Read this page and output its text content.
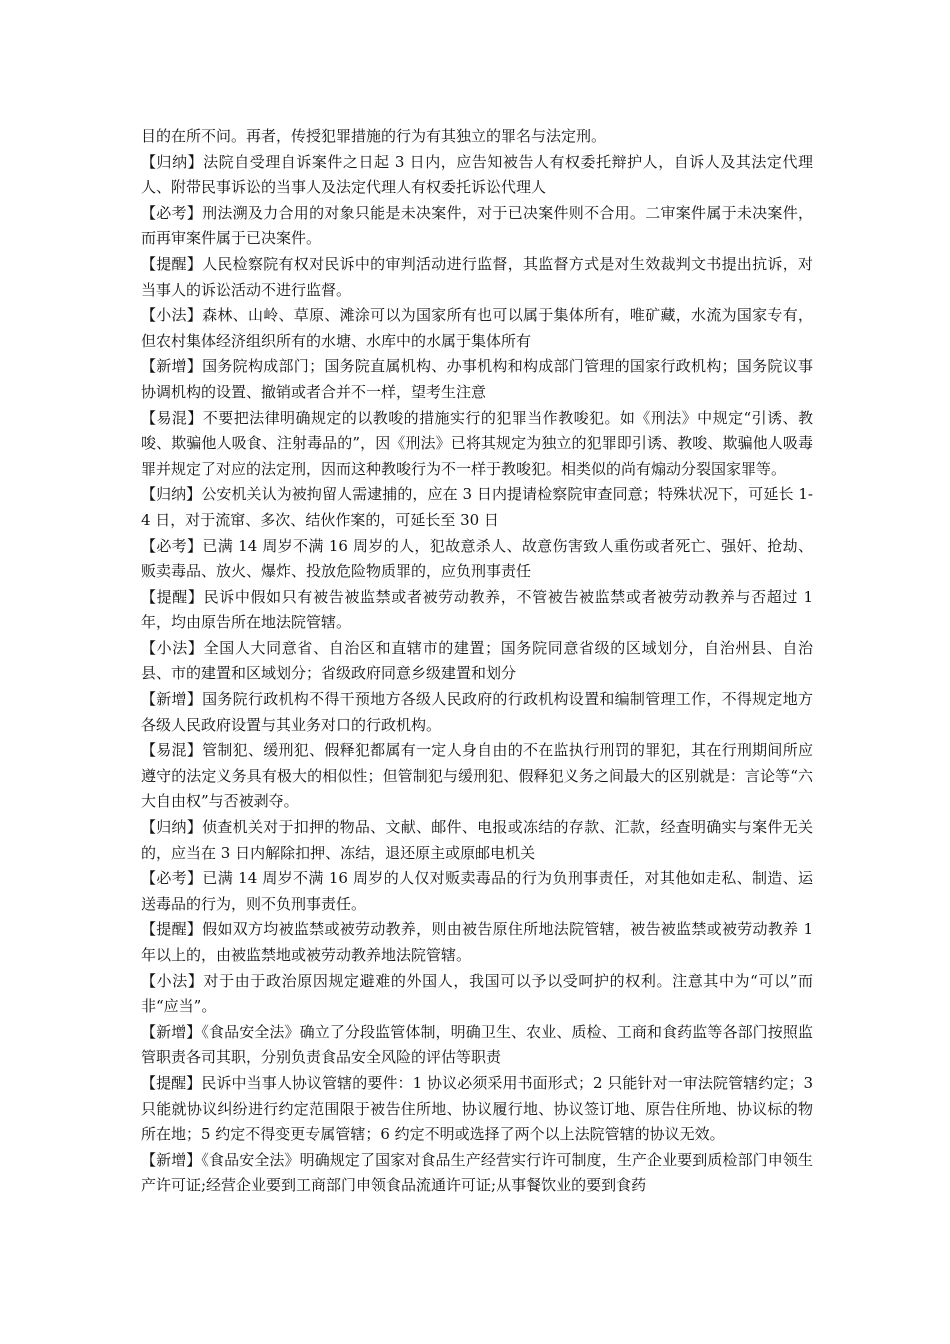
目的在所不问。再者，传授犯罪措施的行为有其独立的罪名与法定刑。

【归纳】法院自受理自诉案件之日起 3 日内，应告知被告人有权委托辩护人，自诉人及其法定代理人、附带民事诉讼的当事人及法定代理人有权委托诉讼代理人

【必考】刑法溯及力合用的对象只能是未决案件，对于已决案件则不合用。二审案件属于未决案件，而再审案件属于已决案件。

【提醒】人民检察院有权对民诉中的审判活动进行监督，其监督方式是对生效裁判文书提出抗诉，对当事人的诉讼活动不进行监督。

【小法】森林、山岭、草原、滩涂可以为国家所有也可以属于集体所有，唯矿藏，水流为国家专有，但农村集体经济组织所有的水塘、水库中的水属于集体所有

【新增】国务院构成部门；国务院直属机构、办事机构和构成部门管理的国家行政机构；国务院议事协调机构的设置、撤销或者合并不一样，望考生注意

【易混】不要把法律明确规定的以教唆的措施实行的犯罪当作教唆犯。如《刑法》中规定“引诱、教唆、欺骗他人吸食、注射毒品的”，因《刑法》已将其规定为独立的犯罪即引诱、教唆、欺骗他人吸毒罪并规定了对应的法定刑，因而这种教唆行为不一样于教唆犯。相类似的尚有煽动分裂国家罪等。

【归纳】公安机关认为被拘留人需逮捕的，应在 3 日内提请检察院审查同意；特殊状况下，可延长 1-4 日，对于流窜、多次、结伙作案的，可延长至 30 日

【必考】已满 14 周岁不满 16 周岁的人，犯故意杀人、故意伤害致人重伤或者死亡、强奸、抢劫、贩卖毒品、放火、爆炸、投放危险物质罪的，应负刑事责任

【提醒】民诉中假如只有被告被监禁或者被劳动教养，不管被告被监禁或者被劳动教养与否超过 1 年，均由原告所在地法院管辖。

【小法】全国人大同意省、自治区和直辖市的建置；国务院同意省级的区域划分，自治州县、自治县、市的建置和区域划分；省级政府同意乡级建置和划分

【新增】国务院行政机构不得干预地方各级人民政府的行政机构设置和编制管理工作，不得规定地方各级人民政府设置与其业务对口的行政机构。

【易混】管制犯、缓刑犯、假释犯都属有一定人身自由的不在监执行刑罚的罪犯，其在行刑期间所应遵守的法定义务具有极大的相似性；但管制犯与缓刑犯、假释犯义务之间最大的区别就是：言论等“六大自由权”与否被剥夺。

【归纳】侦查机关对于扣押的物品、文献、邮件、电报或冻结的存款、汇款，经查明确实与案件无关的，应当在 3 日内解除扣押、冻结，退还原主或原邮电机关

【必考】已满 14 周岁不满 16 周岁的人仅对贩卖毒品的行为负刑事责任，对其他如走私、制造、运送毒品的行为，则不负刑事责任。

【提醒】假如双方均被监禁或被劳动教养，则由被告原住所地法院管辖，被告被监禁或被劳动教养 1 年以上的，由被监禁地或被劳动教养地法院管辖。

【小法】对于由于政治原因规定避难的外国人，我国可以予以受呵护的权利。注意其中为“可以”而非“应当”。

【新增】《食品安全法》确立了分段监管体制，明确卫生、农业、质检、工商和食药监等各部门按照监管职责各司其职，分别负责食品安全风险的评估等职责

【提醒】民诉中当事人协议管辖的要件：1 协议必须采用书面形式；2 只能针对一审法院管辖约定；3 只能就协议纠纷进行约定范围限于被告住所地、协议履行地、协议签订地、原告住所地、协议标的物所在地；5 约定不得变更专属管辖；6 约定不明或选择了两个以上法院管辖的协议无效。

【新增】《食品安全法》明确规定了国家对食品生产经营实行许可制度，生产企业要到质检部门申领生产许可证;经营企业要到工商部门申领食品流通许可证;从事餐饮业的要到食药
